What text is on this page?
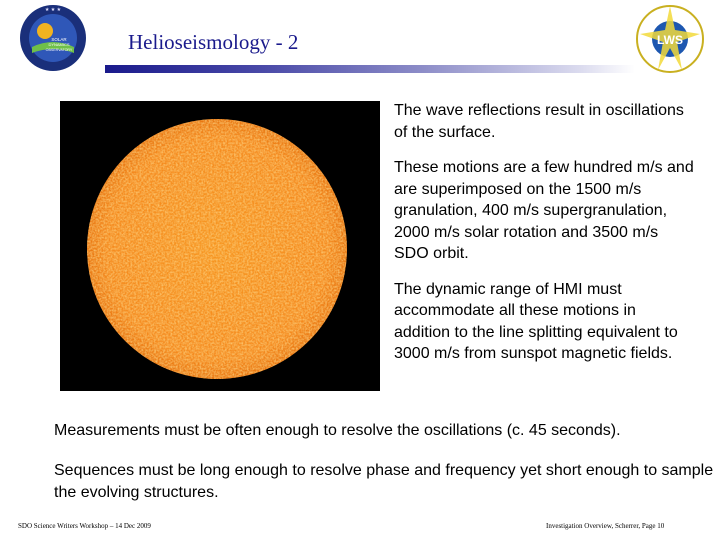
★ ★ ★
SOLAR
DYNAMICS
OBSERVATORY
LWS
Helioseismology - 2

The wave reflections result in oscillations of the surface.

These motions are a few hundred m/s and are superimposed on the 1500 m/s granulation, 400 m/s supergranulation, 2000 m/s solar rotation and 3500 m/s SDO orbit.

The dynamic range of HMI must accommodate all these motions in addition to the line splitting equivalent to 3000 m/s from sunspot magnetic fields.

Measurements must be often enough to resolve the oscillations (c. 45 seconds).

Sequences must be long enough to resolve phase and frequency yet short enough to sample the evolving structures.

SDO Science Writers Workshop – 14 Dec 2009	Investigation Overview, Scherrer, Page 10
